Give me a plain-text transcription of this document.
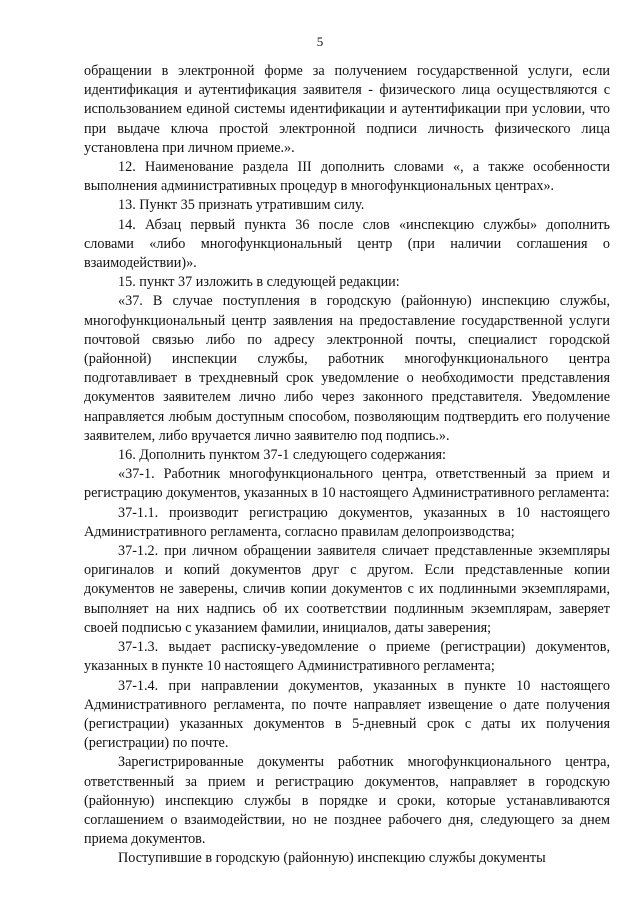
5

обращении в электронной форме за получением государственной услуги, если идентификация и аутентификация заявителя - физического лица осуществляются с использованием единой системы идентификации и аутентификации при условии, что при выдаче ключа простой электронной подписи личность физического лица установлена при личном приеме.».

12. Наименование раздела III дополнить словами «, а также особенности выполнения административных процедур в многофункциональных центрах».

13. Пункт 35 признать утратившим силу.

14. Абзац первый пункта 36 после слов «инспекцию службы» дополнить словами «либо многофункциональный центр (при наличии соглашения о взаимодействии)».

15. пункт 37 изложить в следующей редакции:

«37. В случае поступления в городскую (районную) инспекцию службы, многофункциональный центр заявления на предоставление государственной услуги почтовой связью либо по адресу электронной почты, специалист городской (районной) инспекции службы, работник многофункционального центра подготавливает в трехдневный срок уведомление о необходимости представления документов заявителем лично либо через законного представителя. Уведомление направляется любым доступным способом, позволяющим подтвердить его получение заявителем, либо вручается лично заявителю под подпись.».

16. Дополнить пунктом 37-1 следующего содержания:

«37-1. Работник многофункционального центра, ответственный за прием и регистрацию документов, указанных в 10 настоящего Административного регламента:

37-1.1. производит регистрацию документов, указанных в 10 настоящего Административного регламента, согласно правилам делопроизводства;

37-1.2. при личном обращении заявителя сличает представленные экземпляры оригиналов и копий документов друг с другом. Если представленные копии документов не заверены, сличив копии документов с их подлинными экземплярами, выполняет на них надпись об их соответствии подлинным экземплярам, заверяет своей подписью с указанием фамилии, инициалов, даты заверения;

37-1.3. выдает расписку-уведомление о приеме (регистрации) документов, указанных в пункте 10 настоящего Административного регламента;

37-1.4. при направлении документов, указанных в пункте 10 настоящего Административного регламента, по почте направляет извещение о дате получения (регистрации) указанных документов в 5-дневный срок с даты их получения (регистрации) по почте.

Зарегистрированные документы работник многофункционального центра, ответственный за прием и регистрацию документов, направляет в городскую (районную) инспекцию службы в порядке и сроки, которые устанавливаются соглашением о взаимодействии, но не позднее рабочего дня, следующего за днем приема документов.

Поступившие в городскую (районную) инспекцию службы документы
